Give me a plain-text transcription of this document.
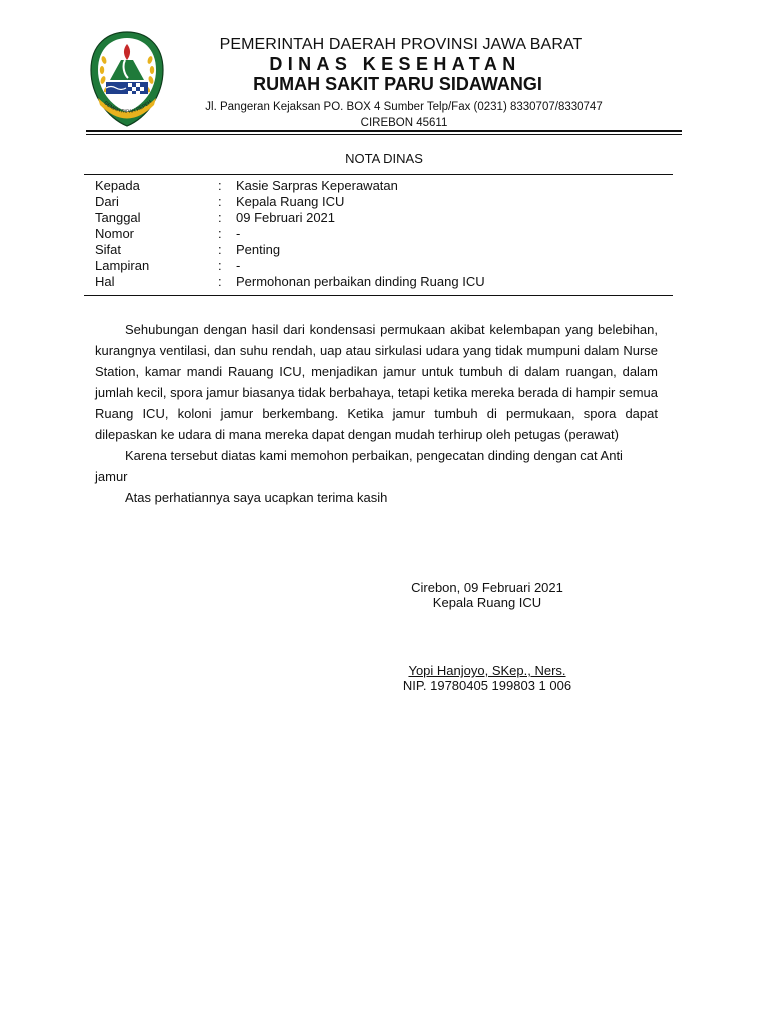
GEMAH RIPAH REPEH
PEMERINTAH DAERAH PROVINSI JAWA BARAT
DINAS KESEHATAN
RUMAH SAKIT PARU SIDAWANGI
Jl. Pangeran Kejaksan PO. BOX 4 Sumber Telp/Fax (0231) 8330707/8330747
CIREBON 45611
NOTA DINAS
Kepada	: Kasie Sarpras Keperawatan
Dari	: Kepala Ruang ICU
Tanggal	: 09 Februari 2021
Nomor	: -
Sifat	: Penting
Lampiran	: -
Hal	: Permohonan perbaikan dinding Ruang ICU

Sehubungan dengan hasil dari kondensasi permukaan akibat kelembapan yang belebihan, kurangnya ventilasi, dan suhu rendah, uap atau sirkulasi udara yang tidak mumpuni dalam Nurse Station, kamar mandi Rauang ICU, menjadikan jamur untuk tumbuh di dalam ruangan, dalam jumlah kecil, spora jamur biasanya tidak berbahaya, tetapi ketika mereka berada di hampir semua Ruang ICU, koloni jamur berkembang. Ketika jamur tumbuh di permukaan, spora dapat dilepaskan ke udara di mana mereka dapat dengan mudah terhirup oleh petugas (perawat)

Karena tersebut diatas kami memohon perbaikan, pengecatan dinding dengan cat Anti jamur

Atas perhatiannya saya ucapkan terima kasih

Cirebon, 09 Februari 2021
Kepala Ruang ICU
Yopi Hanjoyo, SKep., Ners.
NIP. 19780405 199803 1 006
